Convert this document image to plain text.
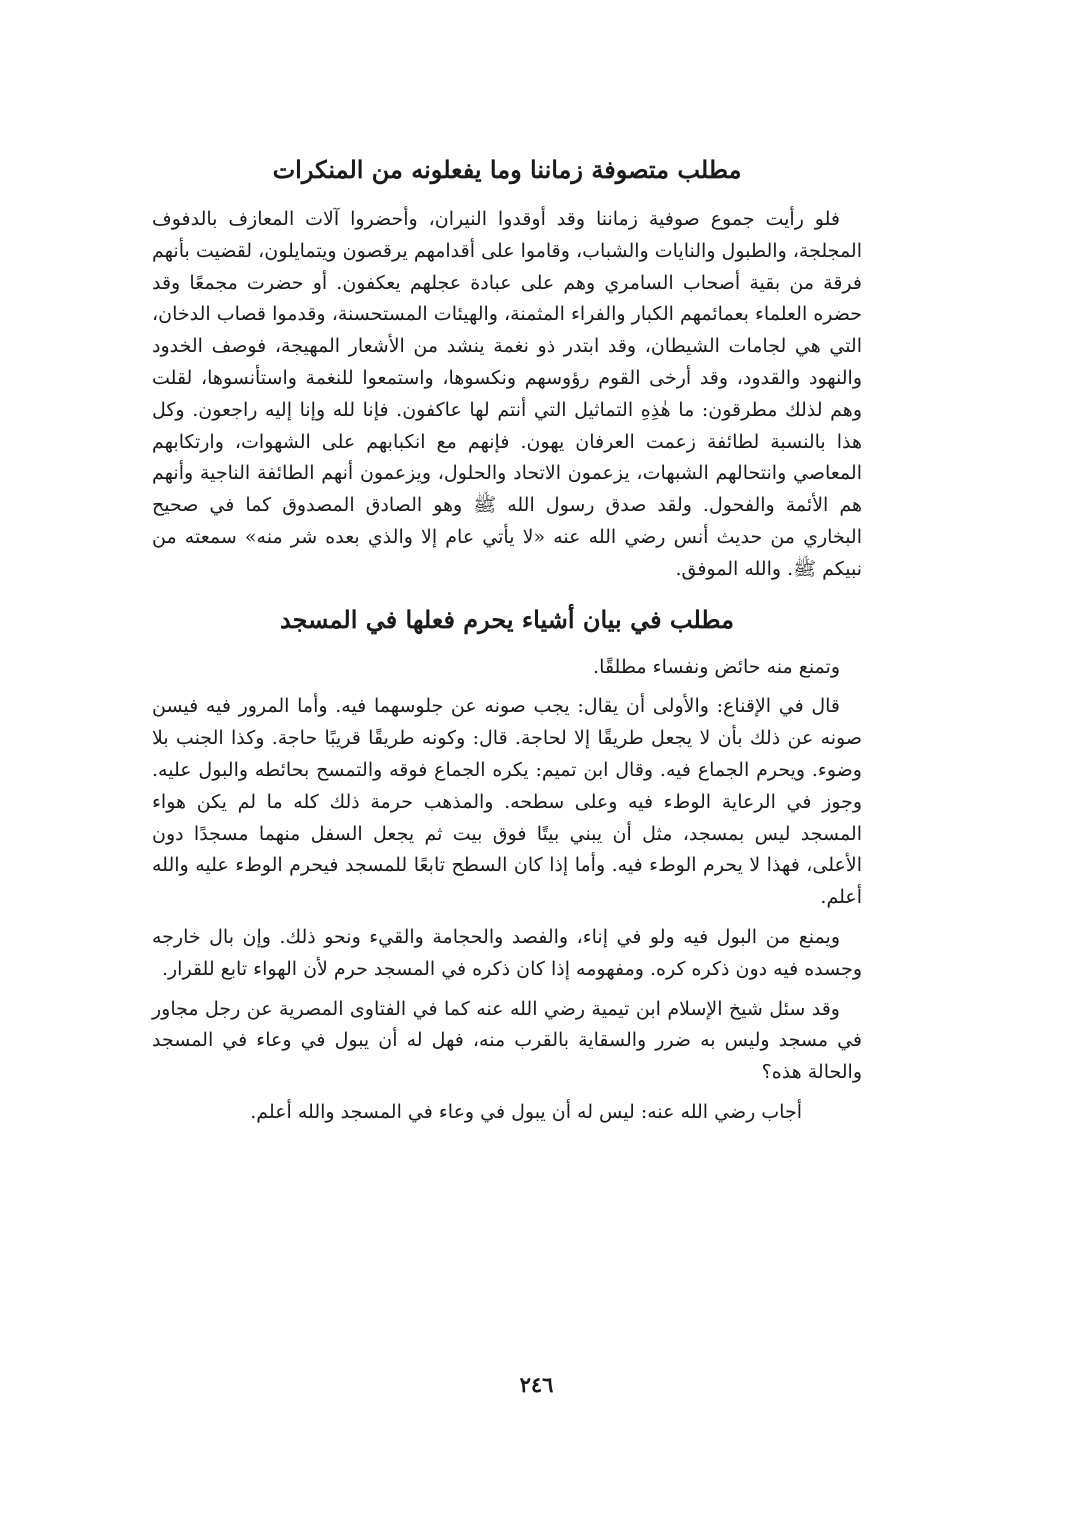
مطلب متصوفة زماننا وما يفعلونه من المنكرات

فلو رأيت جموع صوفية زماننا وقد أوقدوا النيران، وأحضروا آلات المعازف بالدفوف المجلجة، والطبول والنايات والشباب، وقاموا على أقدامهم يرقصون ويتمايلون، لقضيت بأنهم فرقة من بقية أصحاب السامري وهم على عبادة عجلهم يعكفون. أو حضرت مجمعًا وقد حضره العلماء بعمائمهم الكبار والفراء المثمنة، والهيئات المستحسنة، وقدموا قصاب الدخان، التي هي لجامات الشيطان، وقد ابتدر ذو نغمة ينشد من الأشعار المهيجة، فوصف الخدود والنهود والقدود، وقد أرخى القوم رؤوسهم ونكسوها، واستمعوا للنغمة واستأنسوها، لقلت وهم لذلك مطرقون: ما هٰذِهِ التماثيل التي أنتم لها عاكفون. فإنا لله وإنا إليه راجعون. وكل هذا بالنسبة لطائفة زعمت العرفان يهون. فإنهم مع انكبابهم على الشهوات، وارتكابهم المعاصي وانتحالهم الشبهات، يزعمون الاتحاد والحلول، ويزعمون أنهم الطائفة الناجية وأنهم هم الأئمة والفحول. ولقد صدق رسول الله ﷺ وهو الصادق المصدوق كما في صحيح البخاري من حديث أنس رضي الله عنه «لا يأتي عام إلا والذي بعده شر منه» سمعته من نبيكم ﷺ. والله الموفق.

مطلب في بيان أشياء يحرم فعلها في المسجد

وتمنع منه حائض ونفساء مطلقًا.

قال في الإقناع: والأولى أن يقال: يجب صونه عن جلوسهما فيه. وأما المرور فيه فيسن صونه عن ذلك بأن لا يجعل طريقًا إلا لحاجة. قال: وكونه طريقًا قريبًا حاجة. وكذا الجنب بلا وضوء. ويحرم الجماع فيه. وقال ابن تميم: يكره الجماع فوقه والتمسح بحائطه والبول عليه. وجوز في الرعاية الوطء فيه وعلى سطحه. والمذهب حرمة ذلك كله ما لم يكن هواء المسجد ليس بمسجد، مثل أن يبني بيتًا فوق بيت ثم يجعل السفل منهما مسجدًا دون الأعلى، فهذا لا يحرم الوطء فيه. وأما إذا كان السطح تابعًا للمسجد فيحرم الوطء عليه والله أعلم.

ويمنع من البول فيه ولو في إناء، والفصد والحجامة والقيء ونحو ذلك. وإن بال خارجه وجسده فيه دون ذكره كره. ومفهومه إذا كان ذكره في المسجد حرم لأن الهواء تابع للقرار.

وقد سئل شيخ الإسلام ابن تيمية رضي الله عنه كما في الفتاوى المصرية عن رجل مجاور في مسجد وليس به ضرر والسقاية بالقرب منه، فهل له أن يبول في وعاء في المسجد والحالة هذه؟

أجاب رضي الله عنه: ليس له أن يبول في وعاء في المسجد والله أعلم.

٢٤٦
